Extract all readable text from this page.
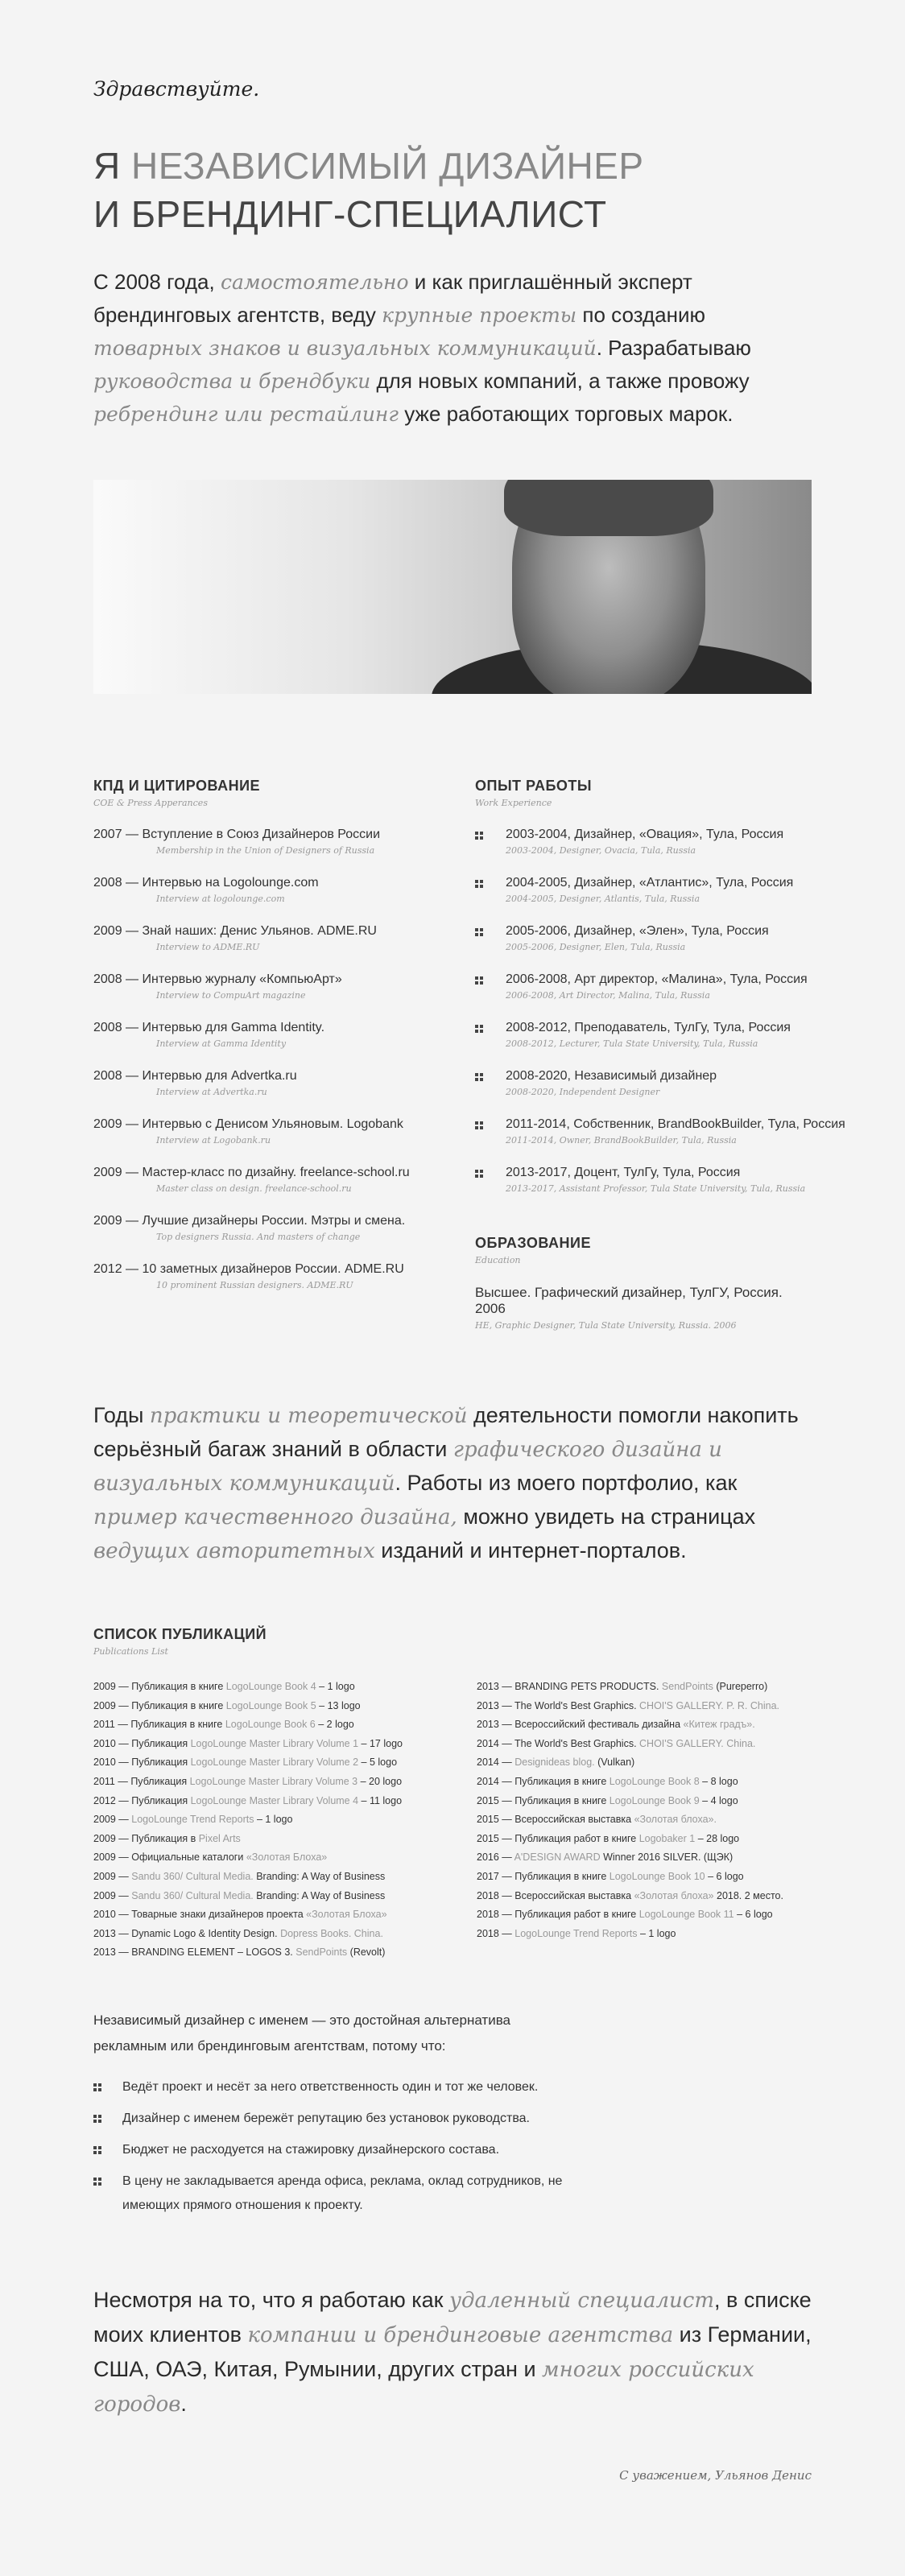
Здравствуйте.
Я НЕЗАВИСИМЫЙ ДИЗАЙНЕР
И БРЕНДИНГ-СПЕЦИАЛИСТ
С 2008 года, самостоятельно и как приглашённый эксперт брендинговых агентств, веду крупные проекты по созданию товарных знаков и визуальных коммуникаций. Разрабатываю руководства и брендбуки для новых компаний, а также провожу ребрендинг или рестайлинг уже работающих торговых марок.
КПД И ЦИТИРОВАНИЕ
COE & Press Apperances
2007 — Вступление в Союз Дизайнеров России
Membership in the Union of Designers of Russia
2008 — Интервью на Logolounge.com
Interview at logolounge.com
2009 — Знай наших: Денис Ульянов. ADME.RU
Interview to ADME.RU
2008 — Интервью журналу «КомпьюАрт»
Interview to CompuArt magazine
2008 — Интервью для Gamma Identity.
Interview at Gamma Identity
2008 — Интервью для Advertka.ru
Interview at Advertka.ru
2009 — Интервью с Денисом Ульяновым. Logobank
Interview at Logobank.ru
2009 — Мастер-класс по дизайну. freelance-school.ru
Master class on design. freelance-school.ru
2009 — Лучшие дизайнеры России. Мэтры и смена.
Top designers Russia. And masters of change
2012 — 10 заметных дизайнеров России. ADME.RU
10 prominent Russian designers. ADME.RU
ОПЫТ РАБОТЫ
Work Experience
2003-2004, Дизайнер, «Овация», Тула, Россия
2003-2004, Designer, Ovacia, Tula, Russia
2004-2005, Дизайнер, «Атлантис», Тула, Россия
2004-2005, Designer, Atlantis, Tula, Russia
2005-2006, Дизайнер, «Элен», Тула, Россия
2005-2006, Designer, Elen, Tula, Russia
2006-2008, Арт директор, «Малина», Тула, Россия
2006-2008, Art Director, Malina, Tula, Russia
2008-2012, Преподаватель, ТулГу, Тула, Россия
2008-2012, Lecturer, Tula State University, Tula, Russia
2008-2020, Независимый дизайнер
2008-2020, Independent Designer
2011-2014, Собственник, BrandBookBuilder, Тула, Россия
2011-2014, Owner, BrandBookBuilder, Tula, Russia
2013-2017, Доцент, ТулГу, Тула, Россия
2013-2017, Assistant Professor, Tula State University, Tula, Russia
ОБРАЗОВАНИЕ
Education
Высшее. Графический дизайнер, ТулГУ, Россия. 2006
HE, Graphic Designer, Tula State University, Russia. 2006
Годы практики и теоретической деятельности помогли накопить серьёзный багаж знаний в области графического дизайна и визуальных коммуникаций. Работы из моего портфолио, как пример качественного дизайна, можно увидеть на страницах ведущих авторитетных изданий и интернет-порталов.
СПИСОК ПУБЛИКАЦИЙ
Publications List
2009 — Публикация в книге LogoLounge Book 4 – 1 logo
2009 — Публикация в книге LogoLounge Book 5 – 13 logo
2011 — Публикация в книге LogoLounge Book 6 – 2 logo
2010 — Публикация LogoLounge Master Library Volume 1 – 17 logo
2010 — Публикация LogoLounge Master Library Volume 2 – 5 logo
2011 — Публикация LogoLounge Master Library Volume 3 – 20 logo
2012 — Публикация LogoLounge Master Library Volume 4 – 11 logo
2009 — LogoLounge Trend Reports – 1 logo
2009 — Публикация в Pixel Arts
2009 — Официальные каталоги «Золотая Блоха»
2009 — Sandu 360/ Cultural Media. Branding: A Way of Business
2009 — Sandu 360/ Cultural Media. Branding: A Way of Business
2010 — Товарные знаки дизайнеров проекта «Золотая Блоха»
2013 — Dynamic Logo & Identity Design. Dopress Books. China.
2013 — BRANDING ELEMENT – LOGOS 3. SendPoints (Revolt)
2013 — BRANDING PETS PRODUCTS. SendPoints (Pureperro)
2013 — The World's Best Graphics. CHOI'S GALLERY. P. R. China.
2013 — Всероссийский фестиваль дизайна «Китеж градъ».
2014 — The World's Best Graphics. CHOI'S GALLERY. China.
2014 — Designideas blog. (Vulkan)
2014 — Публикация в книге LogoLounge Book 8 – 8 logo
2015 — Публикация в книге LogoLounge Book 9 – 4 logo
2015 — Всероссийская выставка «Золотая блоха».
2015 — Публикация работ в книге Logobaker 1 – 28 logo
2016 — A'DESIGN AWARD Winner 2016 SILVER. (ЩЭК)
2017 — Публикация в книге LogoLounge Book 10 – 6 logo
2018 — Всероссийская выставка «Золотая блоха» 2018. 2 место.
2018 — Публикация работ в книге LogoLounge Book 11 – 6 logo
2018 — LogoLounge Trend Reports – 1 logo
Независимый дизайнер с именем — это достойная альтернатива рекламным или брендинговым агентствам, потому что:
Ведёт проект и несёт за него ответственность один и тот же человек.
Дизайнер с именем бережёт репутацию без установок руководства.
Бюджет не расходуется на стажировку дизайнерского состава.
В цену не закладывается аренда офиса, реклама, оклад сотрудников, не имеющих прямого отношения к проекту.
Несмотря на то, что я работаю как удаленный специалист, в списке моих клиентов компании и брендинговые агентства из Германии, США, ОАЭ, Китая, Румынии, других стран и многих российских городов.
С уважением, Ульянов Денис
